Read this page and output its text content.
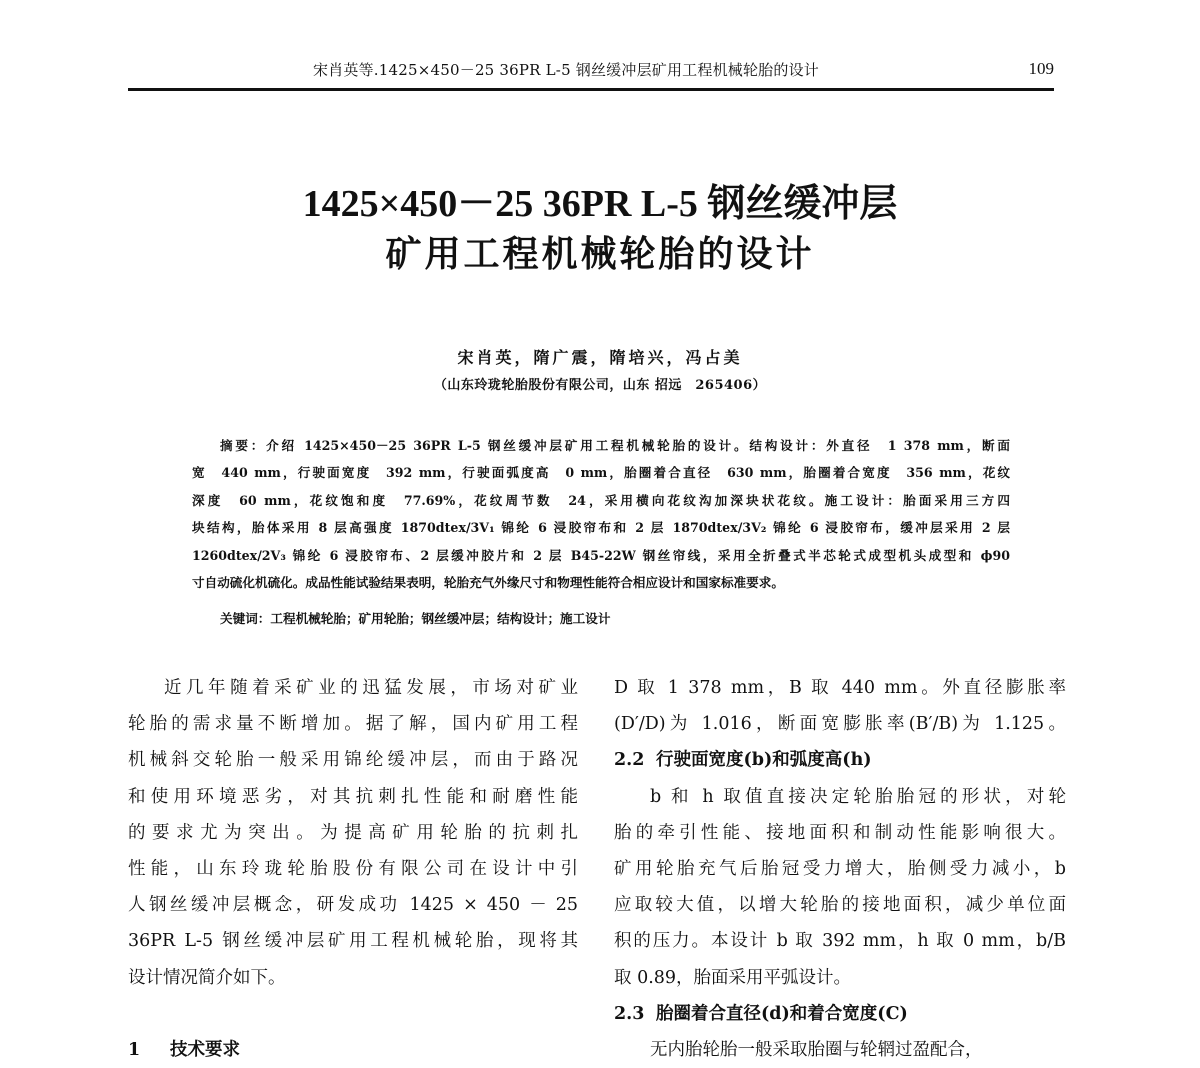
宋肖英等.1425×450－25 36PR L-5 钢丝缓冲层矿用工程机械轮胎的设计	109
1425×450－25 36PR L-5 钢丝缓冲层
矿用工程机械轮胎的设计
宋肖英，隋广震，隋培兴，冯占美
（山东玲珑轮胎股份有限公司，山东 招远　265406）
摘要：介绍 1425×450－25 36PR L-5 钢丝缓冲层矿用工程机械轮胎的设计。结构设计：外直径　1 378 mm，断面
宽　440 mm，行驶面宽度　392 mm，行驶面弧度高　0 mm，胎圈着合直径　630 mm，胎圈着合宽度　356 mm，花纹
深度　60 mm，花纹饱和度　77.69%，花纹周节数　24，采用横向花纹沟加深块状花纹。施工设计：胎面采用三方四
块结构，胎体采用 8 层高强度 1870dtex/3V₁ 锦纶 6 浸胶帘布和 2 层 1870dtex/3V₂ 锦纶 6 浸胶帘布，缓冲层采用 2 层
1260dtex/2V₃ 锦纶 6 浸胶帘布、2 层缓冲胶片和 2 层 B45-22W 钢丝帘线，采用全折叠式半芯轮式成型机头成型和 ϕ90
寸自动硫化机硫化。成品性能试验结果表明，轮胎充气外缘尺寸和物理性能符合相应设计和国家标准要求。
关键词：工程机械轮胎；矿用轮胎；钢丝缓冲层；结构设计；施工设计
近几年随着采矿业的迅猛发展，市场对矿业
轮胎的需求量不断增加。据了解，国内矿用工程
机械斜交轮胎一般采用锦纶缓冲层，而由于路况
和使用环境恶劣，对其抗刺扎性能和耐磨性能
的要求尤为突出。为提高矿用轮胎的抗刺扎
性能，山东玲珑轮胎股份有限公司在设计中引
人钢丝缓冲层概念，研发成功 1425 × 450 － 25
36PR L-5 钢丝缓冲层矿用工程机械轮胎，现将其
设计情况简介如下。
1 技术要求
D 取 1 378 mm，B 取 440 mm。外直径膨胀率
(D′/D)为 1.016，断面宽膨胀率(B′/B)为 1.125。
2.2 行驶面宽度(b)和弧度高(h)
b 和 h 取值直接决定轮胎胎冠的形状，对轮
胎的牵引性能、接地面积和制动性能影响很大。
矿用轮胎充气后胎冠受力增大，胎侧受力减小，b
应取较大值，以增大轮胎的接地面积，减少单位面
积的压力。本设计 b 取 392 mm，h 取 0 mm，b/B
取 0.89，胎面采用平弧设计。
2.3 胎圈着合直径(d)和着合宽度(C)
无内胎轮胎一般采取胎圈与轮辋过盈配合，
